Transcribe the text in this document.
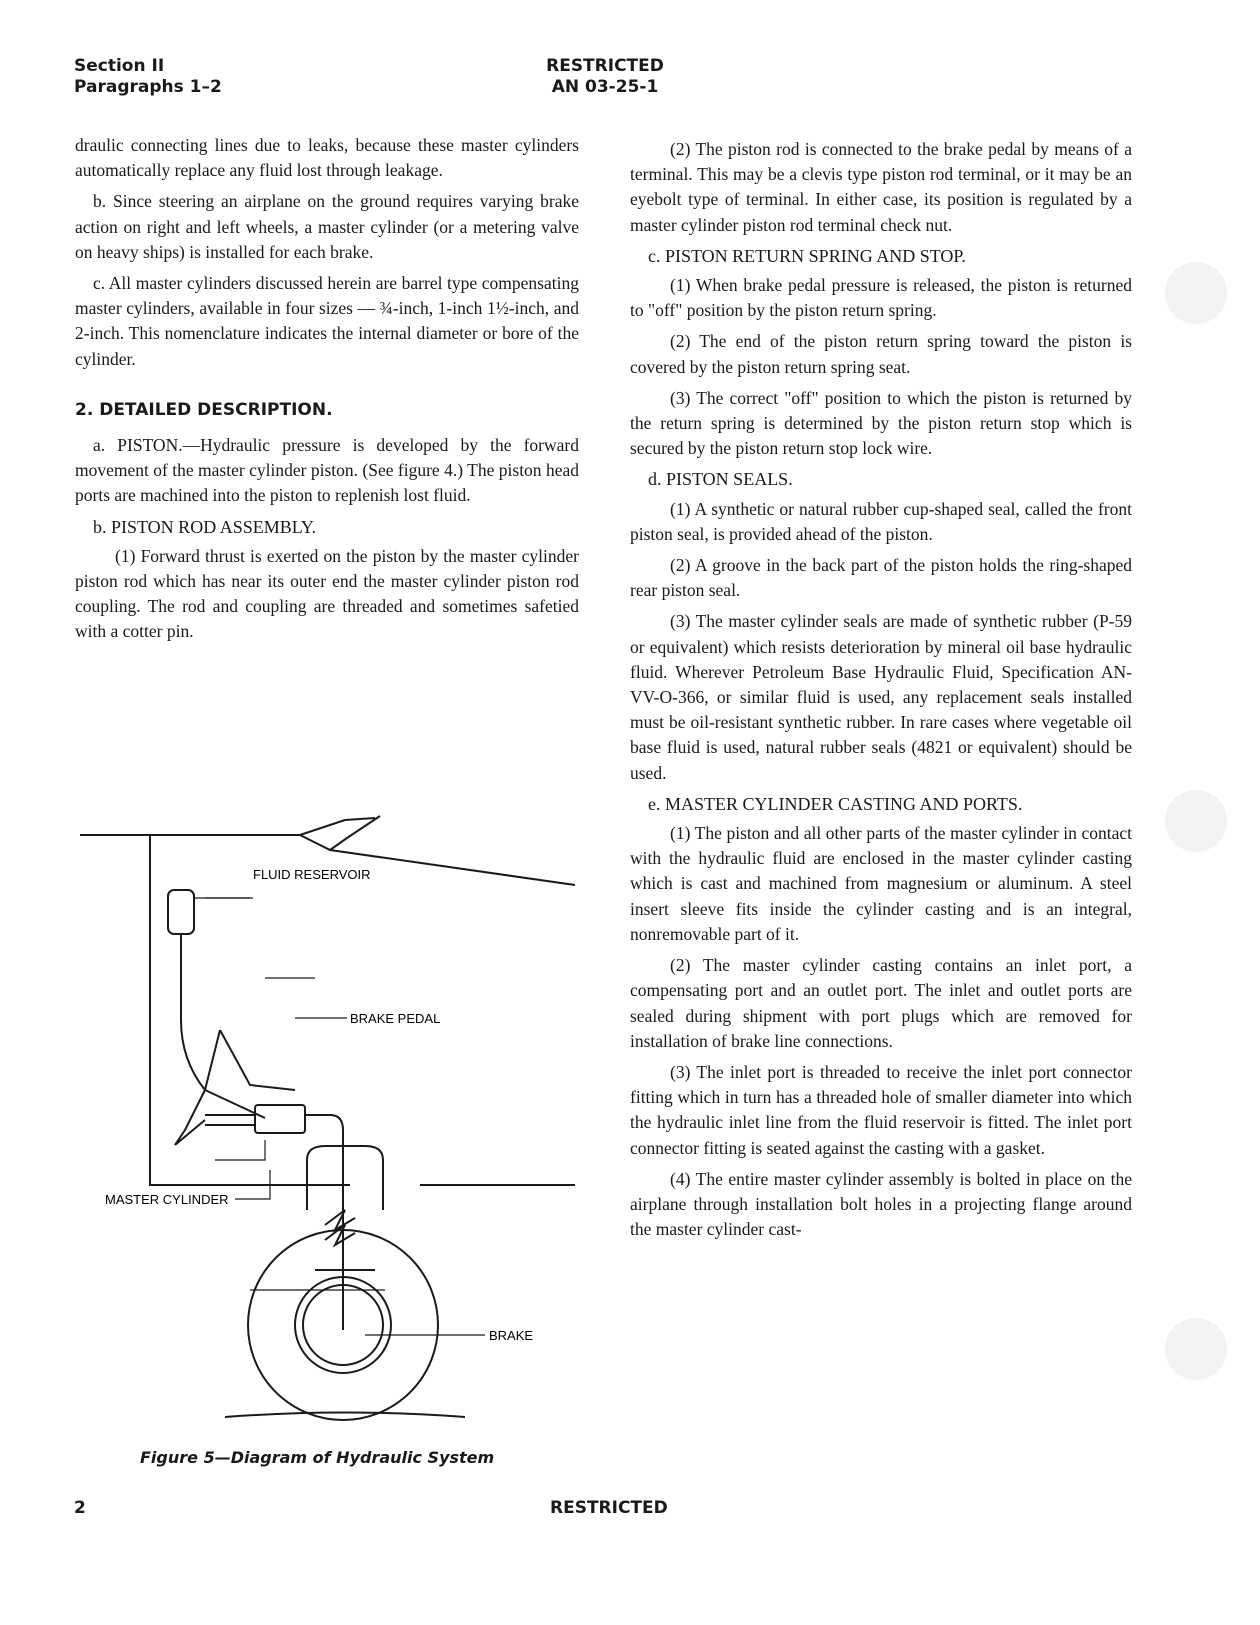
Section II
Paragraphs 1–2
RESTRICTED
AN 03-25-1

draulic connecting lines due to leaks, because these master cylinders automatically replace any fluid lost through leakage.

b. Since steering an airplane on the ground requires varying brake action on right and left wheels, a master cylinder (or a metering valve on heavy ships) is installed for each brake.

c. All master cylinders discussed herein are barrel type compensating master cylinders, available in four sizes — ¾-inch, 1-inch 1½-inch, and 2-inch. This nomenclature indicates the internal diameter or bore of the cylinder.

2. DETAILED DESCRIPTION.

a. PISTON.—Hydraulic pressure is developed by the forward movement of the master cylinder piston. (See figure 4.) The piston head ports are machined into the piston to replenish lost fluid.

b. PISTON ROD ASSEMBLY.

(1) Forward thrust is exerted on the piston by the master cylinder piston rod which has near its outer end the master cylinder piston rod coupling. The rod and coupling are threaded and sometimes safetied with a cotter pin.

FLUID RESERVOIR
BRAKE PEDAL
MASTER CYLINDER
BRAKE
Figure 5—Diagram of Hydraulic System

(2) The piston rod is connected to the brake pedal by means of a terminal. This may be a clevis type piston rod terminal, or it may be an eyebolt type of terminal. In either case, its position is regulated by a master cylinder piston rod terminal check nut.

c. PISTON RETURN SPRING AND STOP.

(1) When brake pedal pressure is released, the piston is returned to "off" position by the piston return spring.

(2) The end of the piston return spring toward the piston is covered by the piston return spring seat.

(3) The correct "off" position to which the piston is returned by the return spring is determined by the piston return stop which is secured by the piston return stop lock wire.

d. PISTON SEALS.

(1) A synthetic or natural rubber cup-shaped seal, called the front piston seal, is provided ahead of the piston.

(2) A groove in the back part of the piston holds the ring-shaped rear piston seal.

(3) The master cylinder seals are made of synthetic rubber (P-59 or equivalent) which resists deterioration by mineral oil base hydraulic fluid. Wherever Petroleum Base Hydraulic Fluid, Specification AN-VV-O-366, or similar fluid is used, any replacement seals installed must be oil-resistant synthetic rubber. In rare cases where vegetable oil base fluid is used, natural rubber seals (4821 or equivalent) should be used.

e. MASTER CYLINDER CASTING AND PORTS.

(1) The piston and all other parts of the master cylinder in contact with the hydraulic fluid are enclosed in the master cylinder casting which is cast and machined from magnesium or aluminum. A steel insert sleeve fits inside the cylinder casting and is an integral, nonremovable part of it.

(2) The master cylinder casting contains an inlet port, a compensating port and an outlet port. The inlet and outlet ports are sealed during shipment with port plugs which are removed for installation of brake line connections.

(3) The inlet port is threaded to receive the inlet port connector fitting which in turn has a threaded hole of smaller diameter into which the hydraulic inlet line from the fluid reservoir is fitted. The inlet port connector fitting is seated against the casting with a gasket.

(4) The entire master cylinder assembly is bolted in place on the airplane through installation bolt holes in a projecting flange around the master cylinder cast-

2	RESTRICTED
